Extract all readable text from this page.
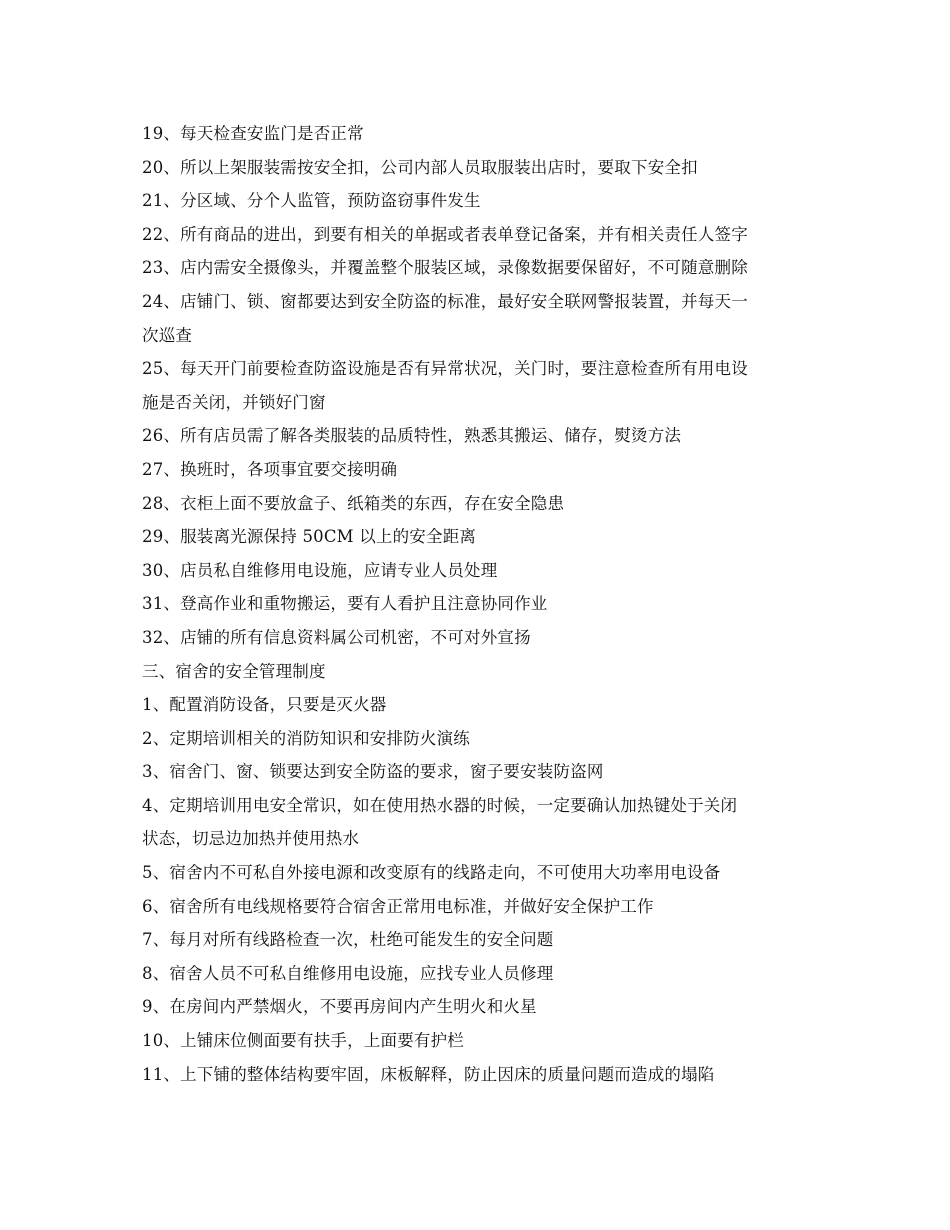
19、每天检查安监门是否正常
20、所以上架服装需按安全扣，公司内部人员取服装出店时，要取下安全扣
21、分区域、分个人监管，预防盗窃事件发生
22、所有商品的进出，到要有相关的单据或者表单登记备案，并有相关责任人签字
23、店内需安全摄像头，并覆盖整个服装区域，录像数据要保留好，不可随意删除
24、店铺门、锁、窗都要达到安全防盗的标准，最好安全联网警报装置，并每天一
次巡查
25、每天开门前要检查防盗设施是否有异常状况，关门时，要注意检查所有用电设
施是否关闭，并锁好门窗
26、所有店员需了解各类服装的品质特性，熟悉其搬运、储存，熨烫方法
27、换班时，各项事宜要交接明确
28、衣柜上面不要放盒子、纸箱类的东西，存在安全隐患
29、服装离光源保持 50CM 以上的安全距离
30、店员私自维修用电设施，应请专业人员处理
31、登高作业和重物搬运，要有人看护且注意协同作业
32、店铺的所有信息资料属公司机密，不可对外宣扬
三、宿舍的安全管理制度
1、配置消防设备，只要是灭火器
2、定期培训相关的消防知识和安排防火演练
3、宿舍门、窗、锁要达到安全防盗的要求，窗子要安装防盗网
4、定期培训用电安全常识，如在使用热水器的时候，一定要确认加热键处于关闭
状态，切忌边加热并使用热水
5、宿舍内不可私自外接电源和改变原有的线路走向，不可使用大功率用电设备
6、宿舍所有电线规格要符合宿舍正常用电标准，并做好安全保护工作
7、每月对所有线路检查一次，杜绝可能发生的安全问题
8、宿舍人员不可私自维修用电设施，应找专业人员修理
9、在房间内严禁烟火，不要再房间内产生明火和火星
10、上铺床位侧面要有扶手，上面要有护栏
11、上下铺的整体结构要牢固，床板解释，防止因床的质量问题而造成的塌陷
